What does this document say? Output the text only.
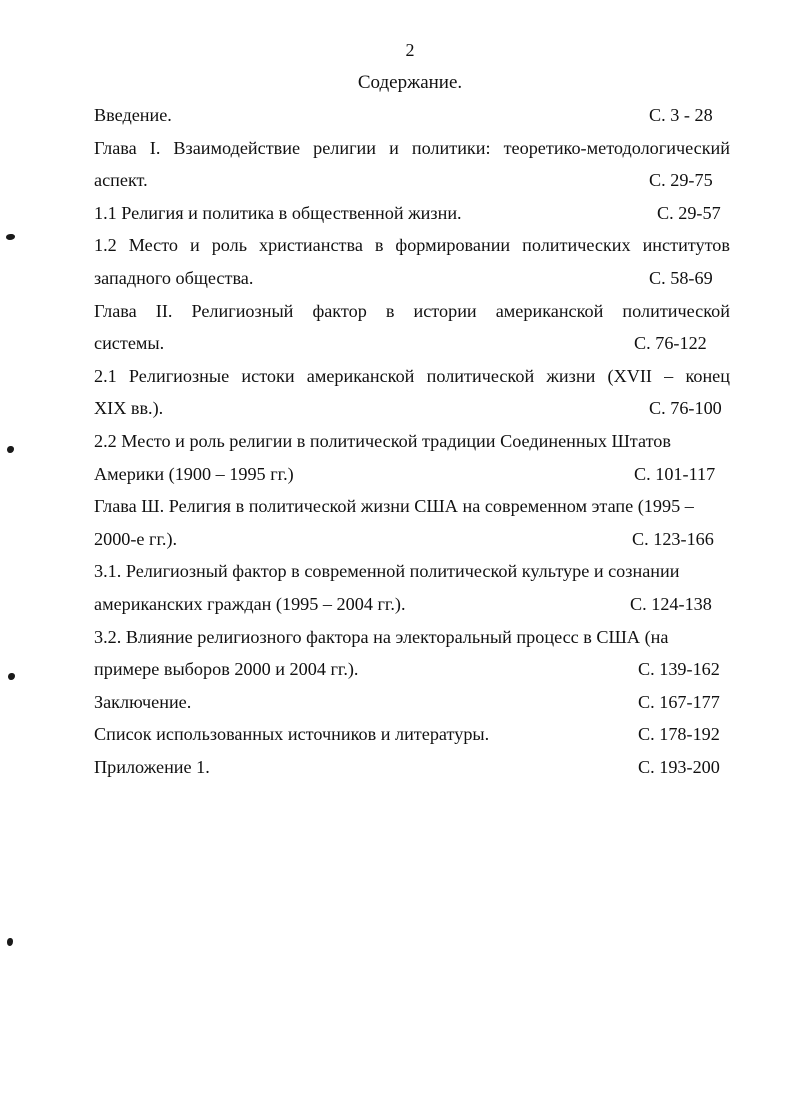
2
Содержание.
Введение.	С. 3 - 28
Глава I. Взаимодействие религии и политики: теоретико-методологический
аспект.	С. 29-75
1.1 Религия и политика в общественной жизни.	С. 29-57
1.2 Место и роль христианства в формировании политических институтов
западного общества.	С. 58-69
Глава II. Религиозный фактор в истории американской политической
системы.	С. 76-122
2.1 Религиозные истоки американской политической жизни (XVII – конец
XIX вв.).	С. 76-100
2.2 Место и роль религии в политической традиции Соединенных Штатов
Америки (1900 – 1995 гг.)	С. 101-117
Глава Ш. Религия в политической жизни США на современном этапе (1995 –
2000-е гг.).	С. 123-166
3.1. Религиозный фактор в современной политической культуре и сознании
американских граждан (1995 – 2004 гг.).	С. 124-138
3.2. Влияние религиозного фактора на электоральный процесс в США (на
примере выборов 2000 и 2004 гг.).	С. 139-162
Заключение.	С. 167-177
Список использованных источников и литературы.	С. 178-192
Приложение 1.	С. 193-200
